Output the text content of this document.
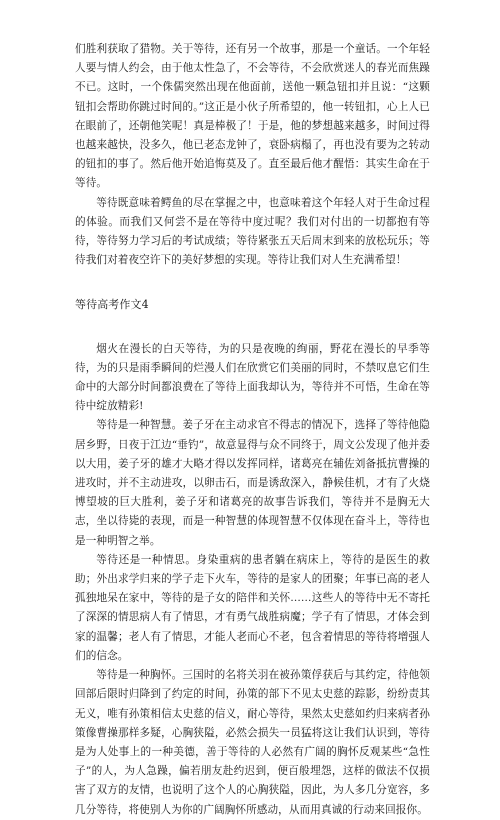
们胜利获取了猎物。关于等待，还有另一个故事，那是一个童话。一个年轻人要与情人约会，由于他太性急了，不会等待，不会欣赏迷人的春光而焦躁不已。这时，一个侏儒突然出现在他面前，送他一颗急钮扣并且说：“这颗钮扣会帮助你跳过时间的。”这正是小伙子所希望的，他一转钮扣，心上人已在眼前了，还朝他笑呢！真是棒极了！于是，他的梦想越来越多，时间过得也越来越快，没多久，他已老态龙钟了，衰卧病榻了，再也没有要为之转动的钮扣的事了。然后他开始追悔莫及了。直至最后他才醒悟：其实生命在于等待。

等待既意味着鳄鱼的尽在掌握之中，也意味着这个年轻人对于生命过程的体验。而我们又何尝不是在等待中度过呢？我们对付出的一切都抱有等待，等待努力学习后的考试成绩；等待紧张五天后周末到来的放松玩乐；等待我们对着夜空许下的美好梦想的实现。等待让我们对人生充满希望！

等待高考作文4

烟火在漫长的白天等待，为的只是夜晚的绚丽，野花在漫长的早季等待，为的只是雨季瞬间的烂漫人们在欣赏它们美丽的同时，不禁叹息它们生命中的大部分时间都浪费在了等待上面我却认为，等待并不可悟，生命在等待中绽放精彩!

等待是一种智慧。姜子牙在主动求官不得志的情况下，选择了等待他隐居乡野，日夜于江边“垂钓”，故意显得与众不同终于，周文公发现了他并委以大用，姜子牙的雄才大略才得以发挥同样，诸葛亮在辅佐刘备抵抗曹操的进攻时，并不主动进攻，以卵击石，而是诱敌深入，静候佳机，才有了火烧博望坡的巨大胜利，姜子牙和诸葛亮的故事告诉我们，等待并不是胸无大志，坐以待毙的表现，而是一种智慧的体现智慧不仅体现在奋斗上，等待也是一种明智之举。

等待还是一种情思。身染重病的患者躺在病床上，等待的是医生的救助；外出求学归来的学子走下火车，等待的是家人的团聚；年事已高的老人孤独地呆在家中，等待的是子女的陪伴和关怀……这些人的等待中无不寄托了深深的情思病人有了情思，才有勇气战胜病魔；学子有了情思，才体会到家的温馨；老人有了情思，才能人老而心不老，包含着情思的等待将增强人们的信念。

等待是一种胸怀。三国时的名将关羽在被孙策俘获后与其约定，待他领回部后限时归降到了约定的时间，孙策的部下不见太史慈的踪影，纷纷责其无义，唯有孙策相信太史慈的信义，耐心等待，果然太史慈如约归来病者孙策像曹操那样多疑，心胸狭隘，必然会损失一员猛将这让我们认识到，等待是为人处事上的一种美德，善于等待的人必然有广阔的胸怀反观某些“急性子”的人，为人急躁，偏若朋友赴约迟到，便百般埋怨，这样的做法不仅损害了双方的友情，也说明了这个人的心胸狭隘，因此，为人多几分宽容，多几分等待，将使别人为你的广阔胸怀所感动，从而用真诚的行动来回报你。
